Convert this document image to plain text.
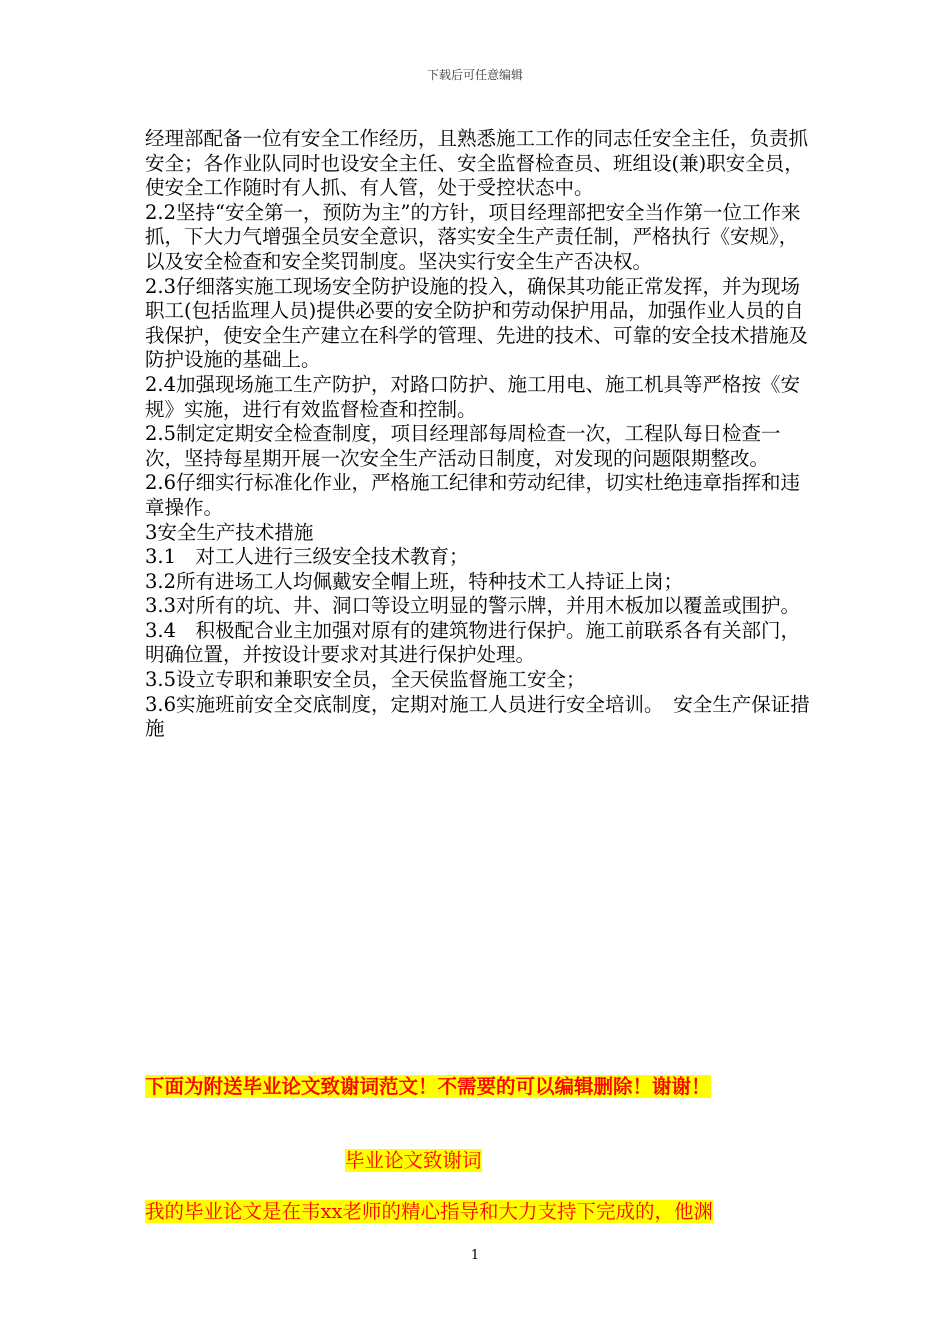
下载后可任意编辑

经理部配备一位有安全工作经历，且熟悉施工工作的同志任安全主任，负责抓安全；各作业队同时也设安全主任、安全监督检查员、班组设(兼)职安全员，使安全工作随时有人抓、有人管，处于受控状态中。

2.2坚持“安全第一，预防为主”的方针，项目经理部把安全当作第一位工作来抓，下大力气增强全员安全意识，落实安全生产责任制，严格执行《安规》，以及安全检查和安全奖罚制度。坚决实行安全生产否决权。

2.3仔细落实施工现场安全防护设施的投入，确保其功能正常发挥，并为现场职工(包括监理人员)提供必要的安全防护和劳动保护用品，加强作业人员的自我保护，使安全生产建立在科学的管理、先进的技术、可靠的安全技术措施及防护设施的基础上。

2.4加强现场施工生产防护，对路口防护、施工用电、施工机具等严格按《安规》实施，进行有效监督检查和控制。

2.5制定定期安全检查制度，项目经理部每周检查一次，工程队每日检查一次，坚持每星期开展一次安全生产活动日制度，对发现的问题限期整改。

2.6仔细实行标准化作业，严格施工纪律和劳动纪律，切实杜绝违章指挥和违章操作。

3安全生产技术措施

3.1　对工人进行三级安全技术教育；

3.2所有进场工人均佩戴安全帽上班，特种技术工人持证上岗；

3.3对所有的坑、井、洞口等设立明显的警示牌，并用木板加以覆盖或围护。

3.4　积极配合业主加强对原有的建筑物进行保护。施工前联系各有关部门，明确位置，并按设计要求对其进行保护处理。

3.5设立专职和兼职安全员，全天侯监督施工安全；

3.6实施班前安全交底制度，定期对施工人员进行安全培训。　安全生产保证措施

下面为附送毕业论文致谢词范文！不需要的可以编辑删除！谢谢！
毕业论文致谢词
我的毕业论文是在韦xx老师的精心指导和大力支持下完成的，他渊
1
